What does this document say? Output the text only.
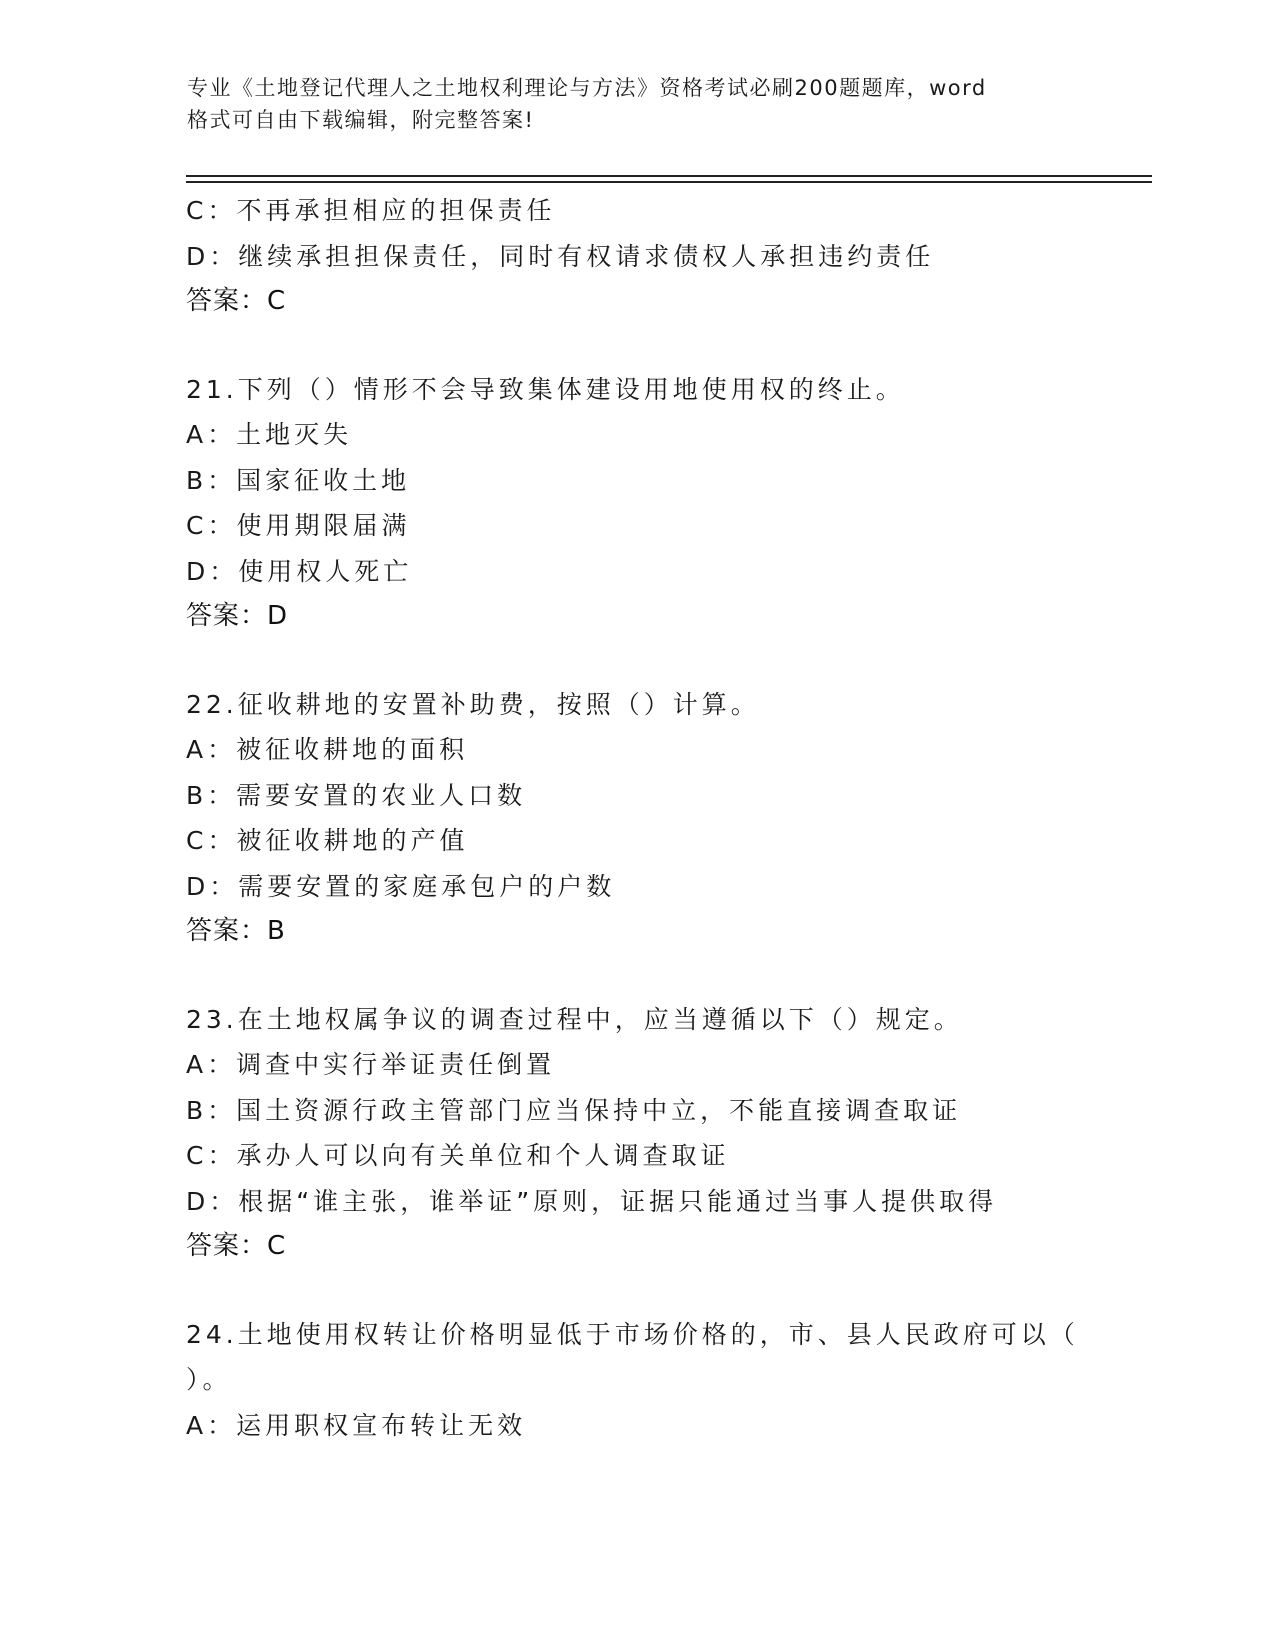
专业《土地登记代理人之土地权利理论与方法》资格考试必刷200题题库，word
格式可自由下载编辑，附完整答案!
C：不再承担相应的担保责任
D：继续承担担保责任，同时有权请求债权人承担违约责任
答案：C
21.下列（）情形不会导致集体建设用地使用权的终止。
A：土地灭失
B：国家征收土地
C：使用期限届满
D：使用权人死亡
答案：D
22.征收耕地的安置补助费，按照（）计算。
A：被征收耕地的面积
B：需要安置的农业人口数
C：被征收耕地的产值
D：需要安置的家庭承包户的户数
答案：B
23.在土地权属争议的调查过程中，应当遵循以下（）规定。
A：调查中实行举证责任倒置
B：国土资源行政主管部门应当保持中立，不能直接调查取证
C：承办人可以向有关单位和个人调查取证
D：根据“谁主张，谁举证”原则，证据只能通过当事人提供取得
答案：C
24.土地使用权转让价格明显低于市场价格的，市、县人民政府可以（
）。
A：运用职权宣布转让无效
